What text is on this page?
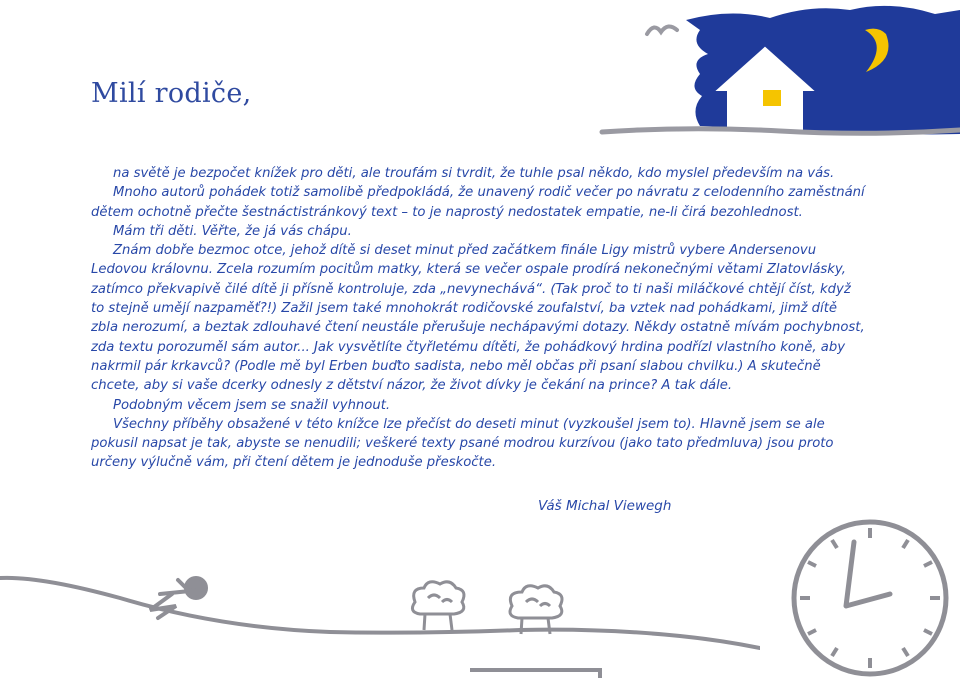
Milí rodiče,

na světě je bezpočet knížek pro děti, ale troufám si tvrdit, že tuhle psal někdo, kdo myslel především na vás.

Mnoho autorů pohádek totiž samolibě předpokládá, že unavený rodič večer po návratu z celodenního zaměstnání dětem ochotně přečte šestnáctistránkový text – to je naprostý nedostatek empatie, ne-li čirá bezohlednost.

Mám tři děti. Věřte, že já vás chápu.

Znám dobře bezmoc otce, jehož dítě si deset minut před začátkem finále Ligy mistrů vybere Andersenovu Ledovou královnu. Zcela rozumím pocitům matky, která se večer ospale prodírá nekonečnými větami Zlatovlásky, zatímco překvapivě čilé dítě ji přísně kontroluje, zda „nevynechává“. (Tak proč to ti naši miláčkové chtějí číst, když to stejně umějí nazpaměť?!) Zažil jsem také mnohokrát rodičovské zoufalství, ba vztek nad pohádkami, jimž dítě zbla nerozumí, a beztak zdlouhavé čtení neustále přerušuje nechápavými dotazy. Někdy ostatně mívám pochybnost, zda textu porozuměl sám autor... Jak vysvětlíte čtyřletému dítěti, že pohádkový hrdina podřízl vlastního koně, aby nakrmil pár krkavců? (Podle mě byl Erben buďto sadista, nebo měl občas při psaní slabou chvilku.) A skutečně chcete, aby si vaše dcerky odnesly z dětství názor, že život dívky je čekání na prince? A tak dále.

Podobným věcem jsem se snažil vyhnout.

Všechny příběhy obsažené v této knížce lze přečíst do deseti minut (vyzkoušel jsem to). Hlavně jsem se ale pokusil napsat je tak, abyste se nenudili; veškeré texty psané modrou kurzívou (jako tato předmluva) jsou proto určeny výlučně vám, při čtení dětem je jednoduše přeskočte.

Váš Michal Viewegh
